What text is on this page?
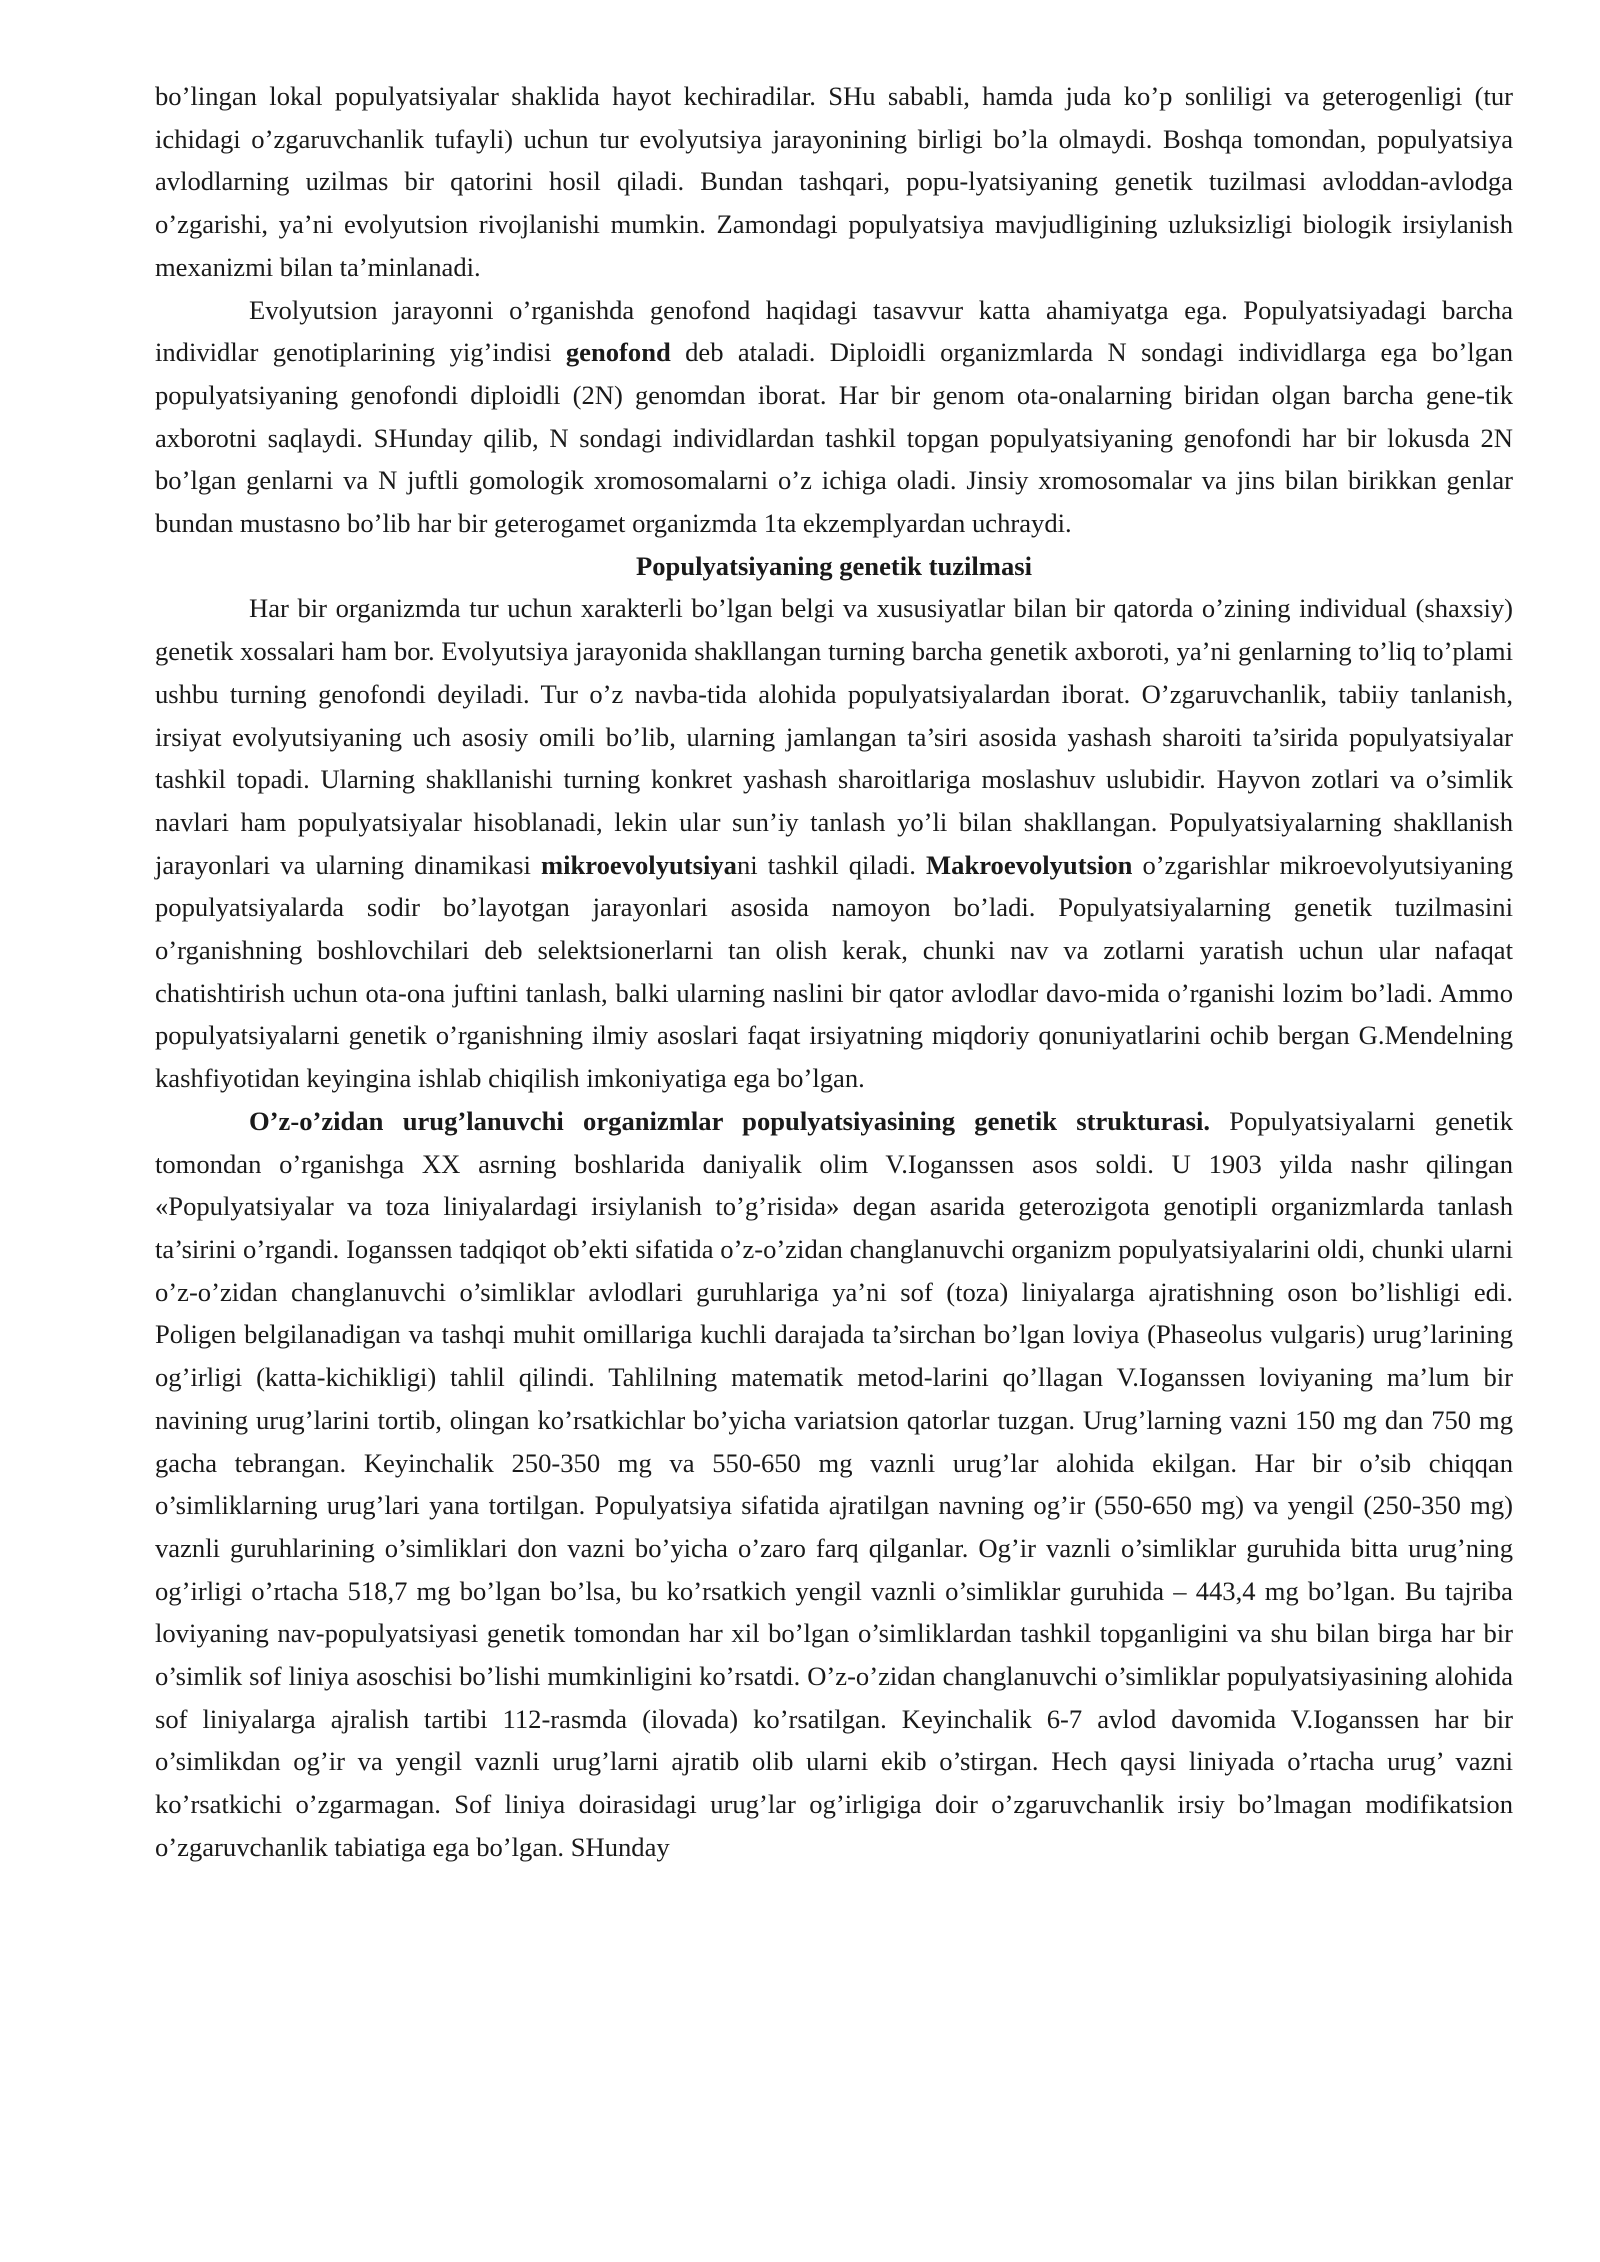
bo’lingan lokal populyatsiyalar shaklida hayot kechiradilar. SHu sababli, hamda juda ko’p sonliligi va geterogenligi (tur ichidagi o’zgaruvchanlik tufayli) uchun tur evolyutsiya jarayonining birligi bo’la olmaydi. Boshqa tomondan, populyatsiya avlodlarning uzilmas bir qatorini hosil qiladi. Bundan tashqari, popu-lyatsiyaning genetik tuzilmasi avloddan-avlodga o’zgarishi, ya’ni evolyutsion rivojlanishi mumkin. Zamondagi populyatsiya mavjudligining uzluksizligi biologik irsiylanish mexanizmi bilan ta’minlanadi.

Evolyutsion jarayonni o’rganishda genofond haqidagi tasavvur katta ahamiyatga ega. Populyatsiyadagi barcha individlar genotiplarining yig’indisi genofond deb ataladi. Diploidli organizmlarda N sondagi individlarga ega bo’lgan populyatsiyaning genofondi diploidli (2N) genomdan iborat. Har bir genom ota-onalarning biridan olgan barcha gene-tik axborotni saqlaydi. SHunday qilib, N sondagi individlardan tashkil topgan populyatsiyaning genofondi har bir lokusda 2N bo’lgan genlarni va N juftli gomologik xromosomalarni o’z ichiga oladi. Jinsiy xromosomalar va jins bilan birikkan genlar bundan mustasno bo’lib har bir geterogamet organizmda 1ta ekzemplyardan uchraydi.

Populyatsiyaning genetik tuzilmasi

Har bir organizmda tur uchun xarakterli bo’lgan belgi va xususiyatlar bilan bir qatorda o’zining individual (shaxsiy) genetik xossalari ham bor. Evolyutsiya jarayonida shakllangan turning barcha genetik axboroti, ya’ni genlarning to’liq to’plami ushbu turning genofondi deyiladi. Tur o’z navba-tida alohida populyatsiyalardan iborat. O’zgaruvchanlik, tabiiy tanlanish, irsiyat evolyutsiyaning uch asosiy omili bo’lib, ularning jamlangan ta’siri asosida yashash sharoiti ta’sirida populyatsiyalar tashkil topadi. Ularning shakllanishi turning konkret yashash sharoitlariga moslashuv uslubidir. Hayvon zotlari va o’simlik navlari ham populyatsiyalar hisoblanadi, lekin ular sun’iy tanlash yo’li bilan shakllangan. Populyatsiyalarning shakllanish jarayonlari va ularning dinamikasi mikroevolyutsiyani tashkil qiladi. Makroevolyutsion o’zgarishlar mikroevolyutsiyaning populyatsiyalarda sodir bo’layotgan jarayonlari asosida namoyon bo’ladi. Populyatsiyalarning genetik tuzilmasini o’rganishning boshlovchilari deb selektsionerlarni tan olish kerak, chunki nav va zotlarni yaratish uchun ular nafaqat chatishtirish uchun ota-ona juftini tanlash, balki ularning naslini bir qator avlodlar davo-mida o’rganishi lozim bo’ladi. Ammo populyatsiyalarni genetik o’rganishning ilmiy asoslari faqat irsiyatning miqdoriy qonuniyatlarini ochib bergan G.Mendelning kashfiyotidan keyingina ishlab chiqilish imkoniyatiga ega bo’lgan.

O’z-o’zidan urug’lanuvchi organizmlar populyatsiyasining genetik strukturasi. Populyatsiyalarni genetik tomondan o’rganishga XX asrning boshlarida daniyalik olim V.Ioganssen asos soldi. U 1903 yilda nashr qilingan «Populyatsiyalar va toza liniyalardagi irsiylanish to’g’risida» degan asarida geterozigota genotipli organizmlarda tanlash ta’sirini o’rgandi. Ioganssen tadqiqot ob’ekti sifatida o’z-o’zidan changlanuvchi organizm populyatsiyalarini oldi, chunki ularni o’z-o’zidan changlanuvchi o’simliklar avlodlari guruhlariga ya’ni sof (toza) liniyalarga ajratishning oson bo’lishligi edi. Poligen belgilanadigan va tashqi muhit omillariga kuchli darajada ta’sirchan bo’lgan loviya (Phaseolus vulgaris) urug’larining og’irligi (katta-kichikligi) tahlil qilindi. Tahlilning matematik metod-larini qo’llagan V.Ioganssen loviyaning ma’lum bir navining urug’larini tortib, olingan ko’rsatkichlar bo’yicha variatsion qatorlar tuzgan. Urug’larning vazni 150 mg dan 750 mg gacha tebrangan. Keyinchalik 250-350 mg va 550-650 mg vaznli urug’lar alohida ekilgan. Har bir o’sib chiqqan o’simliklarning urug’lari yana tortilgan. Populyatsiya sifatida ajratilgan navning og’ir (550-650 mg) va yengil (250-350 mg) vaznli guruhlarining o’simliklari don vazni bo’yicha o’zaro farq qilganlar. Og’ir vaznli o’simliklar guruhida bitta urug’ning og’irligi o’rtacha 518,7 mg bo’lgan bo’lsa, bu ko’rsatkich yengil vaznli o’simliklar guruhida – 443,4 mg bo’lgan. Bu tajriba loviyaning nav-populyatsiyasi genetik tomondan har xil bo’lgan o’simliklardan tashkil topganligini va shu bilan birga har bir o’simlik sof liniya asoschisi bo’lishi mumkinligini ko’rsatdi. O’z-o’zidan changlanuvchi o’simliklar populyatsiyasining alohida sof liniyalarga ajralish tartibi 112-rasmda (ilovada) ko’rsatilgan. Keyinchalik 6-7 avlod davomida V.Ioganssen har bir o’simlikdan og’ir va yengil vaznli urug’larni ajratib olib ularni ekib o’stirgan. Hech qaysi liniyada o’rtacha urug’ vazni ko’rsatkichi o’zgarmagan. Sof liniya doirasidagi urug’lar og’irligiga doir o’zgaruvchanlik irsiy bo’lmagan modifikatsion o’zgaruvchanlik tabiatiga ega bo’lgan. SHunday
